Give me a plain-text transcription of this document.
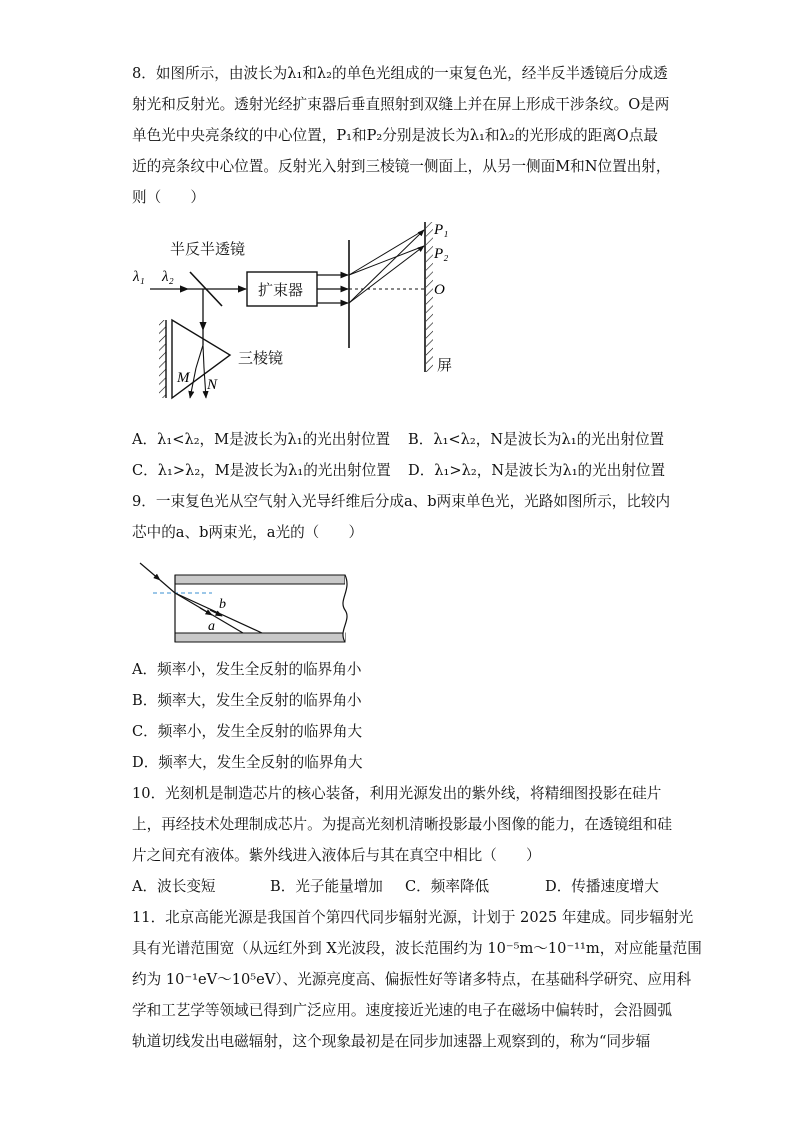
8．如图所示，由波长为λ₁和λ₂的单色光组成的一束复色光，经半反半透镜后分成透
射光和反射光。透射光经扩束器后垂直照射到双缝上并在屏上形成干涉条纹。O是两
单色光中央亮条纹的中心位置，P₁和P₂分别是波长为λ₁和λ₂的光形成的距离O点最
近的亮条纹中心位置。反射光入射到三棱镜一侧面上，从另一侧面M和N位置出射，
则（　　）
半反半透镜
λ₁ λ₂
扩束器
P₁
P₂
O
屏
三棱镜
M N
A．λ₁<λ₂，M是波长为λ₁的光出射位置 B．λ₁<λ₂，N是波长为λ₁的光出射位置
C．λ₁>λ₂，M是波长为λ₁的光出射位置 D．λ₁>λ₂，N是波长为λ₁的光出射位置
9．一束复色光从空气射入光导纤维后分成a、b两束单色光，光路如图所示，比较内
芯中的a、b两束光，a光的（　　）
b
a
A．频率小，发生全反射的临界角小
B．频率大，发生全反射的临界角小
C．频率小，发生全反射的临界角大
D．频率大，发生全反射的临界角大
10．光刻机是制造芯片的核心装备，利用光源发出的紫外线，将精细图投影在硅片
上，再经技术处理制成芯片。为提高光刻机清晰投影最小图像的能力，在透镜组和硅
片之间充有液体。紫外线进入液体后与其在真空中相比（　　）
A．波长变短	B．光子能量增加 C．频率降低	D．传播速度增大
11．北京高能光源是我国首个第四代同步辐射光源，计划于 2025 年建成。同步辐射光
具有光谱范围宽（从远红外到 X光波段，波长范围约为 10⁻⁵m～10⁻¹¹m，对应能量范围
约为 10⁻¹eV～10⁵eV）、光源亮度高、偏振性好等诸多特点，在基础科学研究、应用科
学和工艺学等领域已得到广泛应用。速度接近光速的电子在磁场中偏转时，会沿圆弧
轨道切线发出电磁辐射，这个现象最初是在同步加速器上观察到的，称为“同步辐
